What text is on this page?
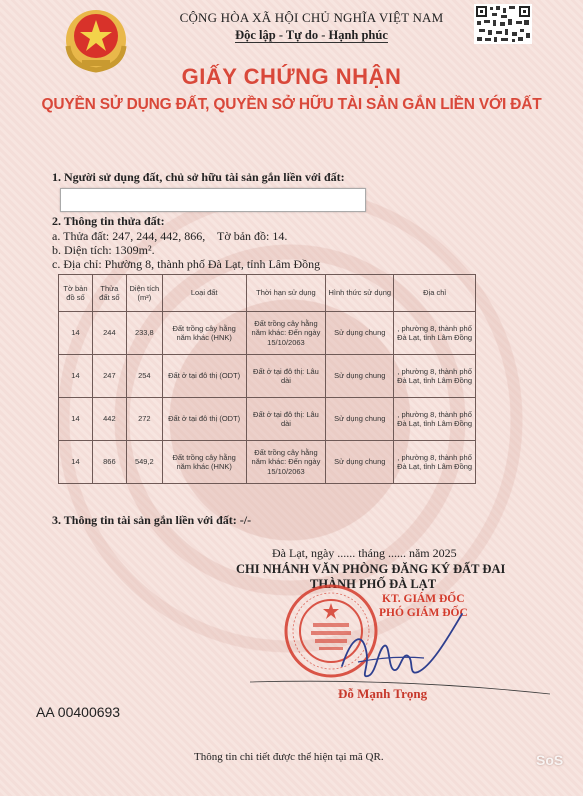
CỘNG HÒA XÃ HỘI CHỦ NGHĨA VIỆT NAM
Độc lập - Tự do - Hạnh phúc
GIẤY CHỨNG NHẬN
QUYỀN SỬ DỤNG ĐẤT, QUYỀN SỞ HỮU TÀI SẢN GẮN LIỀN VỚI ĐẤT
1. Người sử dụng đất, chủ sở hữu tài sản gắn liền với đất:
2. Thông tin thửa đất:
a. Thửa đất: 247, 244, 442, 866,    Tờ bản đồ: 14.
b. Diện tích: 1309m².
c. Địa chỉ: Phường 8, thành phố Đà Lạt, tỉnh Lâm Đồng
Tờ bản đồ số	Thửa đất số	Diện tích (m²)	Loại đất	Thời hạn sử dụng	Hình thức sử dụng	Địa chỉ
14	244	233,8	Đất trồng cây hằng năm khác (HNK)	Đất trồng cây hằng năm khác: Đến ngày 15/10/2063	Sử dụng chung	, phường 8, thành phố Đà Lạt, tỉnh Lâm Đồng
14	247	254	Đất ở tại đô thị (ODT)	Đất ở tại đô thị: Lâu dài	Sử dụng chung	, phường 8, thành phố Đà Lạt, tỉnh Lâm Đồng
14	442	272	Đất ở tại đô thị (ODT)	Đất ở tại đô thị: Lâu dài	Sử dụng chung	, phường 8, thành phố Đà Lạt, tỉnh Lâm Đồng
14	866	549,2	Đất trồng cây hằng năm khác (HNK)	Đất trồng cây hằng năm khác: Đến ngày 15/10/2063	Sử dụng chung	, phường 8, thành phố Đà Lạt, tỉnh Lâm Đồng
3. Thông tin tài sản gắn liền với đất: -/-
Đà Lạt, ngày ...... tháng ...... năm 2025
CHI NHÁNH VĂN PHÒNG ĐĂNG KÝ ĐẤT ĐAI
THÀNH PHỐ ĐÀ LẠT
KT. GIÁM ĐỐC
PHÓ GIÁM ĐỐC
Đỗ Mạnh Trọng
AA 00400693
Thông tin chi tiết được thể hiện tại mã QR.	SoS
